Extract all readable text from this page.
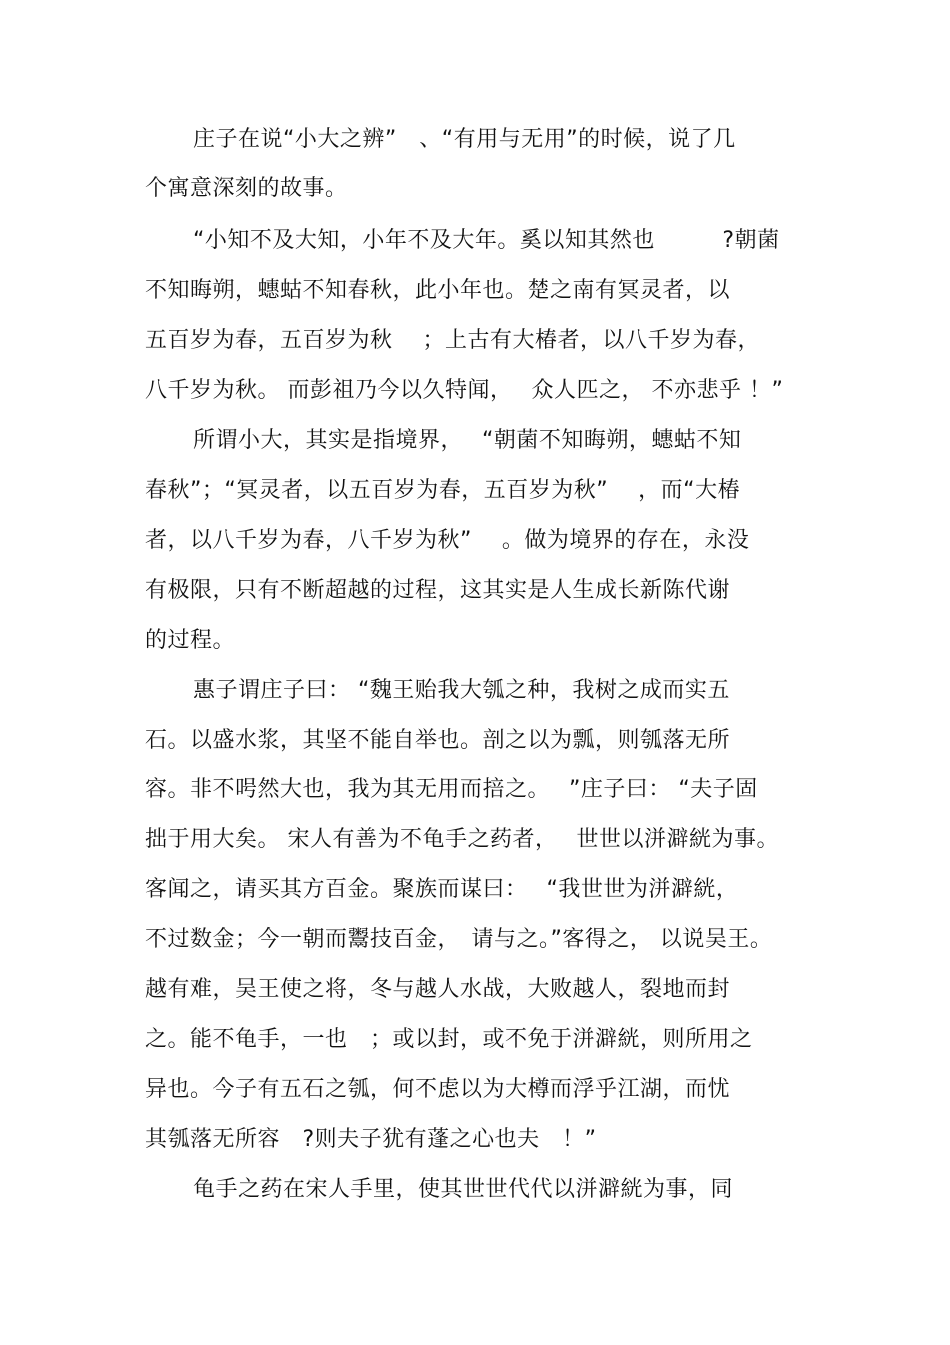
庄子在说“小大之辨”　、“有用与无用”的时候，说了几
个寓意深刻的故事。
“小知不及大知，小年不及大年。奚以知其然也　　　?朝菌
不知晦朔，蟪蛄不知春秋，此小年也。楚之南有冥灵者，以
五百岁为春，五百岁为秋　 ；上古有大椿者，以八千岁为春，
八千岁为秋。 而彭祖乃今以久特闻，　 众人匹之， 不亦悲乎 ！”
所谓小大，其实是指境界，　 “朝菌不知晦朔，蟪蛄不知
春秋”；“冥灵者，以五百岁为春，五百岁为秋”　 ，而“大椿
者，以八千岁为春，八千岁为秋”　 。做为境界的存在，永没
有极限，只有不断超越的过程，这其实是人生成长新陈代谢
的过程。
惠子谓庄子曰： “魏王贻我大瓠之种，我树之成而实五
石。以盛水浆，其坚不能自举也。剖之以为瓢，则瓠落无所
容。非不呺然大也，我为其无用而掊之。　 ”庄子曰： “夫子固
拙于用大矣。 宋人有善为不龟手之药者，　 世世以洴澼絖为事。
客闻之，请买其方百金。聚族而谋曰：　 “我世世为洴澼絖，
不过数金；今一朝而鬻技百金，　请与之。”客得之， 以说吴王。
越有难，吴王使之将，冬与越人水战，大败越人，裂地而封
之。能不龟手，一也　；或以封，或不免于洴澼絖，则所用之
异也。今子有五石之瓠，何不虑以为大樽而浮乎江湖，而忧
其瓠落无所容　?则夫子犹有蓬之心也夫　！”
龟手之药在宋人手里，使其世世代代以洴澼絖为事，同
